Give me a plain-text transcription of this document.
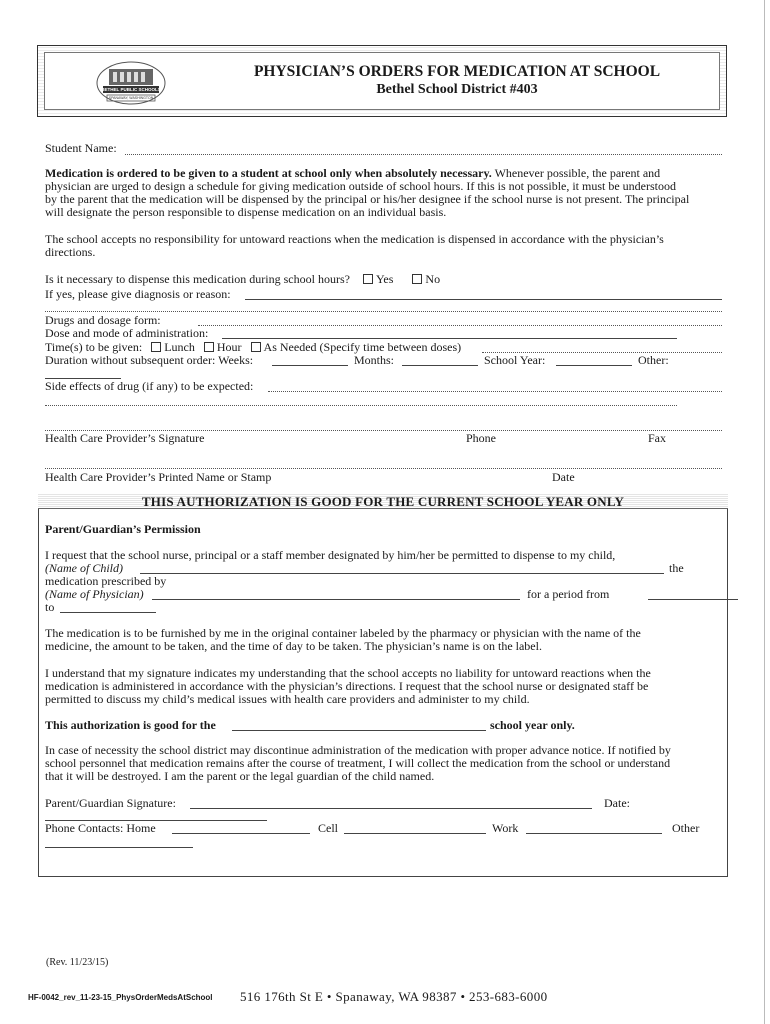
BETHEL PUBLIC SCHOOLS
SPANAWAY, WASHINGTON
PHYSICIAN’S ORDERS FOR MEDICATION AT SCHOOL
Bethel School District #403
Student Name:
Medication is ordered to be given to a student at school only when absolutely necessary. Whenever possible, the parent and
physician are urged to design a schedule for giving medication outside of school hours. If this is not possible, it must be understood
by the parent that the medication will be dispensed by the principal or his/her designee if the school nurse is not present. The principal
will designate the person responsible to dispense medication on an individual basis.
The school accepts no responsibility for untoward reactions when the medication is dispensed in accordance with the physician’s
directions.
Is it necessary to dispense this medication during school hours? Yes	No
If yes, please give diagnosis or reason:
Drugs and dosage form:
Dose and mode of administration:
Time(s) to be given: Lunch Hour As Needed (Specify time between doses)
Duration without subsequent order: Weeks:	Months:	School Year:	Other:
Side effects of drug (if any) to be expected:
Health Care Provider’s Signature	Phone	Fax
Health Care Provider’s Printed Name or Stamp	Date
THIS AUTHORIZATION IS GOOD FOR THE CURRENT SCHOOL YEAR ONLY
Parent/Guardian’s Permission
I request that the school nurse, principal or a staff member designated by him/her be permitted to dispense to my child,
(Name of Child)	the
medication prescribed by
(Name of Physician)	for a period from
to
The medication is to be furnished by me in the original container labeled by the pharmacy or physician with the name of the
medicine, the amount to be taken, and the time of day to be taken. The physician’s name is on the label.
I understand that my signature indicates my understanding that the school accepts no liability for untoward reactions when the
medication is administered in accordance with the physician’s directions. I request that the school nurse or designated staff be
permitted to discuss my child’s medical issues with health care providers and administer to my child.
This authorization is good for the	school year only.
In case of necessity the school district may discontinue administration of the medication with proper advance notice. If notified by
school personnel that medication remains after the course of treatment, I will collect the medication from the school or understand
that it will be destroyed. I am the parent or the legal guardian of the child named.
Parent/Guardian Signature:	Date:
Phone Contacts: Home	Cell	Work	Other
(Rev. 11/23/15)
HF-0042_rev_11-23-15_PhysOrderMedsAtSchool 516 176th St E • Spanaway, WA 98387 • 253-683-6000
